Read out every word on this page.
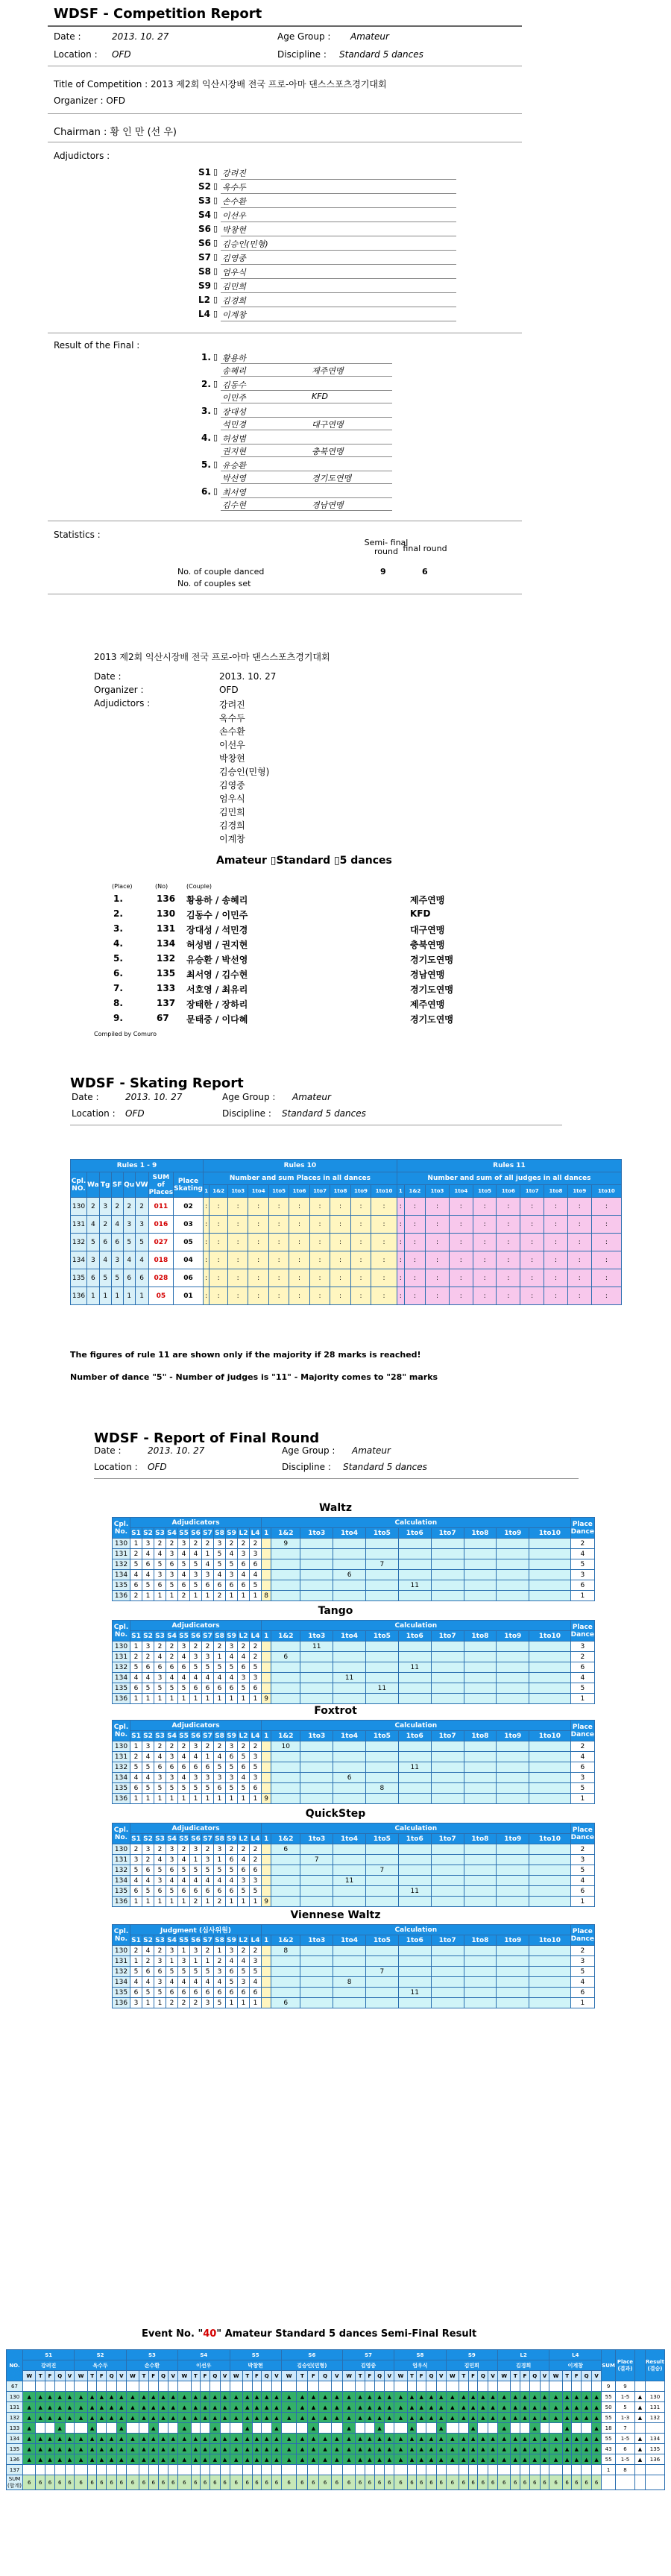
WDSF - Competition Report
Date :	2013. 10. 27	Age Group : Amateur
Location : OFD	Discipline : Standard 5 dances
Title of Competition : 2013 제2회 익산시장배 전국 프로-아마 댄스스포츠경기대회
Organizer : OFD
Chairman : 황 인 만 (선 우)
Adjudictors :
S1 ▯ 강려진
S2 ▯ 옥수두
S3 ▯ 손수환
S4 ▯ 이선우
S6 ▯ 박창현
S6 ▯ 김승인(민형)
S7 ▯ 김영중
S8 ▯ 엄우식
S9 ▯ 김민희
L2 ▯ 김경희
L4 ▯ 이계창
Result of the Final :
1. ▯ 황용하
송혜리	제주연맹
2. ▯ 김동수
이민주	KFD
3. ▯ 장대성
석민경	대구연맹
4. ▯ 허성범
권지현	충북연맹
5. ▯ 유승환
박선영	경기도연맹
6. ▯ 최서영
김수현	경남연맹
Statistics :
Semi- final round final round
No. of couple danced	9	6
No. of couples set
2013 제2회 익산시장배 전국 프로-아마 댄스스포츠경기대회
Date :	2013. 10. 27
Organizer :	OFD
Adjudictors :	강려진
옥수두
손수환
이선우
박창현
김승인(민형)
김영중
엄우식
김민희
김경희
이계창
Amateur ▯Standard ▯5 dances
(Place)	(No)	(Couple)
1.	136 황용하 / 송혜리	제주연맹
2.	130 김동수 / 이민주	KFD
3.	131 장대성 / 석민경	대구연맹
4.	134 허성범 / 권지현	충북연맹
5.	132 유승환 / 박선영	경기도연맹
6.	135 최서영 / 김수현	경남연맹
7.	133 서호영 / 최유리	경기도연맹
8.	137 장태한 / 장하리	제주연맹
9.	67 문태중 / 이다혜	경기도연맹
Compiled by Comuro
WDSF - Skating Report
Date :	2013. 10. 27	Age Group : Amateur
Location : OFD	Discipline : Standard 5 dances
Rules 1 - 9								Rules 10										Rules 11									
Cpl. NO.	Wa	Tg	SF	Qu	VW	SUM of Places	Place Skating	Number and sum Places in all dances										Number and sum of all judges in all dances									
								1	1&2	1to3	1to4	1to5	1to6	1to7	1to8	1to9	1to10	1	1&2	1to3	1to4	1to5	1to6	1to7	1to8	1to9	1to10
130	2	3	2	2	2	011	02	:	:	:	:	:	:	:	:	:	:	:	:	:	:	:	:	:	:	:	:
131	4	2	4	3	3	016	03	:	:	:	:	:	:	:	:	:	:	:	:	:	:	:	:	:	:	:	:
132	5	6	6	5	5	027	05	:	:	:	:	:	:	:	:	:	:	:	:	:	:	:	:	:	:	:	:
134	3	4	3	4	4	018	04	:	:	:	:	:	:	:	:	:	:	:	:	:	:	:	:	:	:	:	:
135	6	5	5	6	6	028	06	:	:	:	:	:	:	:	:	:	:	:	:	:	:	:	:	:	:	:	:
136	1	1	1	1	1	05	01	:	:	:	:	:	:	:	:	:	:	:	:	:	:	:	:	:	:	:	:
The figures of rule 11 are shown only if the majority if 28 marks is reached!
Number of dance "5" - Number of judges is "11" - Majority comes to "28" marks
WDSF - Report of Final Round
Date :	2013. 10. 27	Age Group : Amateur
Location : OFD	Discipline : Standard 5 dances
Waltz
Cpl. No.	Adjudicators											Calculation										Place Dance
	S1	S2	S3	S4	S5	S6	S7	S8	S9	L2	L4	1	1&2	1to3	1to4	1to5	1to6	1to7	1to8	1to9	1to10	
130	1	3	2	2	3	2	2	3	2	2	2		9									2
131	2	4	4	3	4	4	1	5	4	3	3											4
132	5	6	5	6	5	5	4	5	5	6	6					7						5
134	4	4	3	3	4	3	3	4	3	4	4				6							3
135	6	5	6	5	6	5	6	6	6	6	5						11					6
136	2	1	1	1	2	1	1	2	1	1	1	8										1
Tango
Cpl. No.	Adjudicators											Calculation										Place Dance
	S1	S2	S3	S4	S5	S6	S7	S8	S9	L2	L4	1	1&2	1to3	1to4	1to5	1to6	1to7	1to8	1to9	1to10	
130	1	3	2	2	3	2	2	2	3	2	2			11								3
131	2	2	4	2	4	3	3	1	4	4	2		6									2
132	5	6	6	6	6	5	5	5	5	6	5						11					6
134	4	4	3	4	4	4	4	4	4	3	3				11							4
135	6	5	5	5	5	6	6	6	6	5	6					11						5
136	1	1	1	1	1	1	1	1	1	1	1	9										1
Foxtrot
Cpl. No.	Adjudicators											Calculation										Place Dance
	S1	S2	S3	S4	S5	S6	S7	S8	S9	L2	L4	1	1&2	1to3	1to4	1to5	1to6	1to7	1to8	1to9	1to10	
130	1	3	2	2	2	3	2	2	3	2	2		10									2
131	2	4	4	3	4	4	1	4	6	5	3											4
132	5	5	6	6	6	6	6	5	5	6	5						11					6
134	4	4	3	3	4	3	3	3	3	4	3				6							3
135	6	5	5	5	5	5	5	6	5	5	6					8						5
136	1	1	1	1	1	1	1	1	1	1	1	9										1
QuickStep
Cpl. No.	Adjudicators											Calculation										Place Dance
	S1	S2	S3	S4	S5	S6	S7	S8	S9	L2	L4	1	1&2	1to3	1to4	1to5	1to6	1to7	1to8	1to9	1to10	
130	2	3	2	3	2	3	2	3	2	2	2		6									2
131	3	2	4	3	4	1	3	1	6	4	2			7								3
132	5	6	5	6	5	5	5	5	5	6	6					7						5
134	4	4	3	4	4	4	4	4	4	3	3				11							4
135	6	5	6	5	6	6	6	6	6	5	5						11					6
136	1	1	1	1	1	2	1	2	1	1	1	9										1
Viennese Waltz
Cpl. No.	Judgment (심사위원)											Calculation										Place Dance
	S1	S2	S3	S4	S5	S6	S7	S8	S9	L2	L4	1	1&2	1to3	1to4	1to5	1to6	1to7	1to8	1to9	1to10	
130	2	4	2	3	1	3	2	1	3	2	2		8									2
131	1	2	3	1	3	1	1	2	4	4	3											3
132	5	6	6	5	5	5	5	3	6	5	5					7						5
134	4	4	3	4	4	4	4	4	5	3	4				8							4
135	6	5	5	6	6	6	6	6	6	6	6						11					6
136	3	1	1	2	2	2	3	5	1	1	1		6									1
Event No. "40" Amateur Standard 5 dances Semi-Final Result
NO.	S1					S2					S3					S4					S5					S6					S7					S8					S9					L2					L4					SUM	Place (결과)		Result (결승)
	강려진					옥수두					손수환					이선우					박창현					김승인(민형)					김영중					엄우식					김민희					김경희					이계창								
	W	T	F	Q	V	W	T	F	Q	V	W	T	F	Q	V	W	T	F	Q	V	W	T	F	Q	V	W	T	F	Q	V	W	T	F	Q	V	W	T	F	Q	V	W	T	F	Q	V	W	T	F	Q	V	W	T	F	Q	V				
67																																																								9	9		
130	▲	▲	▲	▲	▲	▲	▲	▲	▲	▲	▲	▲	▲	▲	▲	▲	▲	▲	▲	▲	▲	▲	▲	▲	▲	▲	▲	▲	▲	▲	▲	▲	▲	▲	▲	▲	▲	▲	▲	▲	▲	▲	▲	▲	▲	▲	▲	▲	▲	▲	▲	▲	▲	▲	▲	55	1-5	▲	130
131	▲	▲	▲	▲	▲	▲	▲	▲	▲	▲	▲	▲	▲	▲	▲	▲	▲	▲	▲	▲	▲	▲	▲	▲	▲	▲	▲	▲	▲	▲	▲	▲	▲	▲	▲	▲	▲	▲	▲	▲	▲	▲	▲	▲	▲	▲	▲	▲	▲	▲	▲	▲	▲	▲	▲	50	5	▲	131
132	▲	▲	▲	▲	▲	▲	▲	▲	▲	▲	▲	▲	▲	▲	▲	▲	▲	▲	▲	▲	▲	▲	▲	▲	▲	▲	▲	▲	▲	▲	▲	▲	▲	▲	▲	▲	▲	▲	▲	▲	▲	▲	▲	▲	▲	▲	▲	▲	▲	▲	▲	▲	▲	▲	▲	55	1-3	▲	132
133	▲			▲			▲			▲			▲			▲			▲			▲			▲			▲			▲			▲			▲			▲			▲			▲			▲			▲			▲	18	7		
134	▲	▲	▲	▲	▲	▲	▲	▲	▲	▲	▲	▲	▲	▲	▲	▲	▲	▲	▲	▲	▲	▲	▲	▲	▲	▲	▲	▲	▲	▲	▲	▲	▲	▲	▲	▲	▲	▲	▲	▲	▲	▲	▲	▲	▲	▲	▲	▲	▲	▲	▲	▲	▲	▲	▲	55	1-5	▲	134
135	▲	▲	▲	▲	▲	▲	▲	▲	▲	▲	▲	▲	▲	▲	▲	▲	▲	▲	▲	▲	▲	▲	▲	▲	▲	▲	▲	▲	▲	▲	▲	▲	▲	▲	▲	▲	▲	▲	▲	▲	▲	▲	▲	▲	▲	▲	▲	▲	▲	▲	▲	▲	▲	▲	▲	43	6	▲	135
136	▲	▲	▲	▲	▲	▲	▲	▲	▲	▲	▲	▲	▲	▲	▲	▲	▲	▲	▲	▲	▲	▲	▲	▲	▲	▲	▲	▲	▲	▲	▲	▲	▲	▲	▲	▲	▲	▲	▲	▲	▲	▲	▲	▲	▲	▲	▲	▲	▲	▲	▲	▲	▲	▲	▲	55	1-5	▲	136
137																																																								1	8		
SUM (합계)	6	6	6	6	6	6	6	6	6	6	6	6	6	6	6	6	6	6	6	6	6	6	6	6	6	6	6	6	6	6	6	6	6	6	6	6	6	6	6	6	6	6	6	6	6	6	6	6	6	6	6	6	6	6	6				
